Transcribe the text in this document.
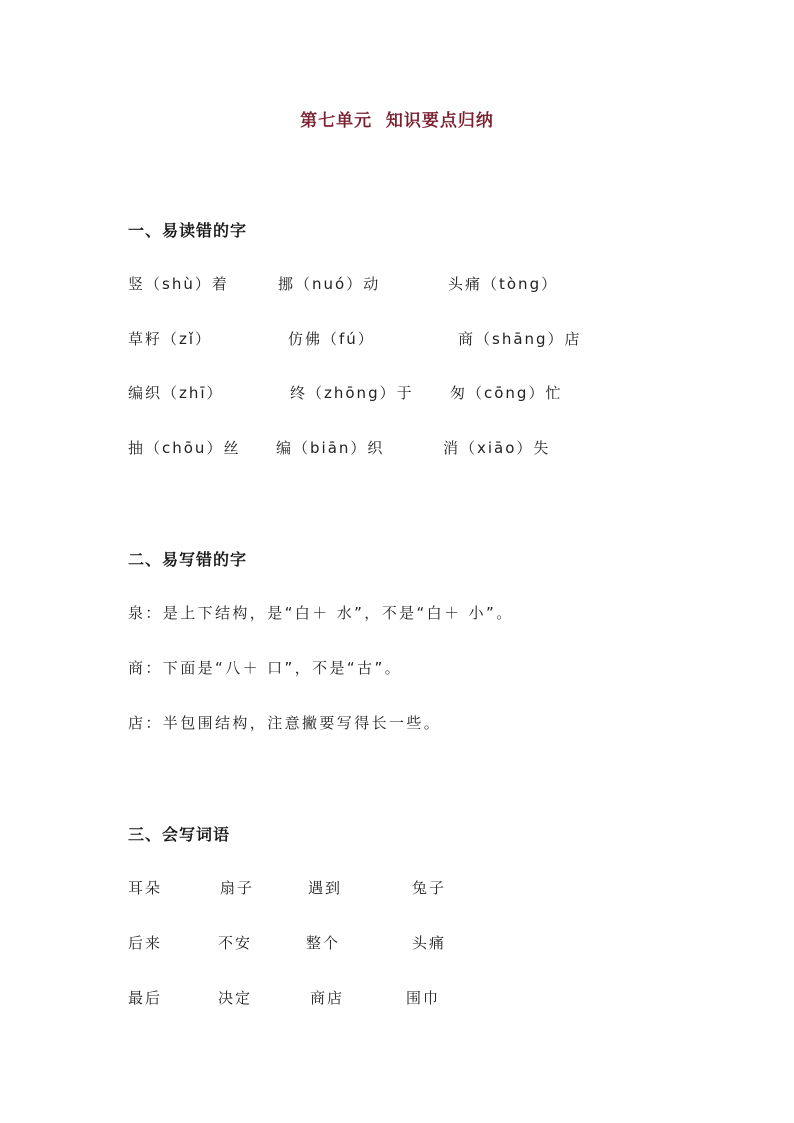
第七单元  知识要点归纳
一、易读错的字
竖（shù）着	挪（nuó）动	头痛（tòng）
草籽（zǐ）	仿佛（fú）	商（shāng）店
编织（zhī）	终（zhōng）于 匆（cōng）忙
抽（chōu）丝 编（biān）织	消（xiāo）失
二、易写错的字
泉：是上下结构，是“白＋ 水”，不是“白＋ 小”。
商：下面是“八＋ 口”，不是“古”。
店：半包围结构，注意撇要写得长一些。
三、会写词语
耳朵	扇子	遇到	兔子
后来	不安	整个	头痛
最后	决定	商店	围巾
